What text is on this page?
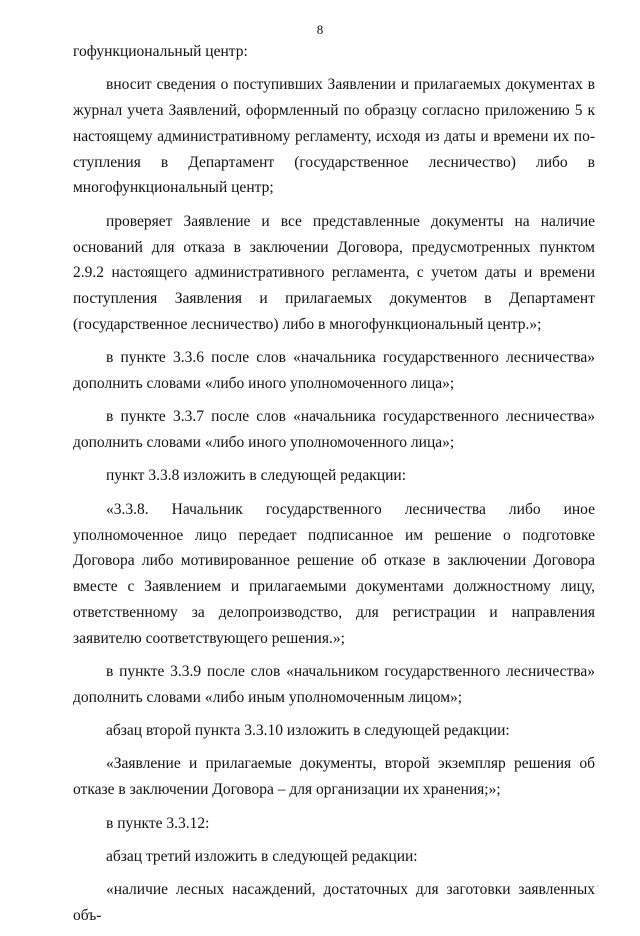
8

гофункциональный центр:

вносит сведения о поступивших Заявлении и прилагаемых документах в журнал учета Заявлений, оформленный по образцу согласно приложению 5 к настоящему административному регламенту, исходя из даты и времени их поступления в Департамент (государственное лесничество) либо в многофункциональный центр;

проверяет Заявление и все представленные документы на наличие оснований для отказа в заключении Договора, предусмотренных пунктом 2.9.2 настоящего административного регламента, с учетом даты и времени поступления Заявления и прилагаемых документов в Департамент (государственное лесничество) либо в многофункциональный центр.»;

в пункте 3.3.6 после слов «начальника государственного лесничества» дополнить словами «либо иного уполномоченного лица»;

в пункте 3.3.7 после слов «начальника государственного лесничества» дополнить словами «либо иного уполномоченного лица»;

пункт 3.3.8 изложить в следующей редакции:

«3.3.8. Начальник государственного лесничества либо иное уполномоченное лицо передает подписанное им решение о подготовке Договора либо мотивированное решение об отказе в заключении Договора вместе с Заявлением и прилагаемыми документами должностному лицу, ответственному за делопроизводство, для регистрации и направления заявителю соответствующего решения.»;

в пункте 3.3.9 после слов «начальником государственного лесничества» дополнить словами «либо иным уполномоченным лицом»;

абзац второй пункта 3.3.10 изложить в следующей редакции:

«Заявление и прилагаемые документы, второй экземпляр решения об отказе в заключении Договора – для организации их хранения;»;

в пункте 3.3.12:

абзац третий изложить в следующей редакции:

«наличие лесных насаждений, достаточных для заготовки заявленных объ-

·
